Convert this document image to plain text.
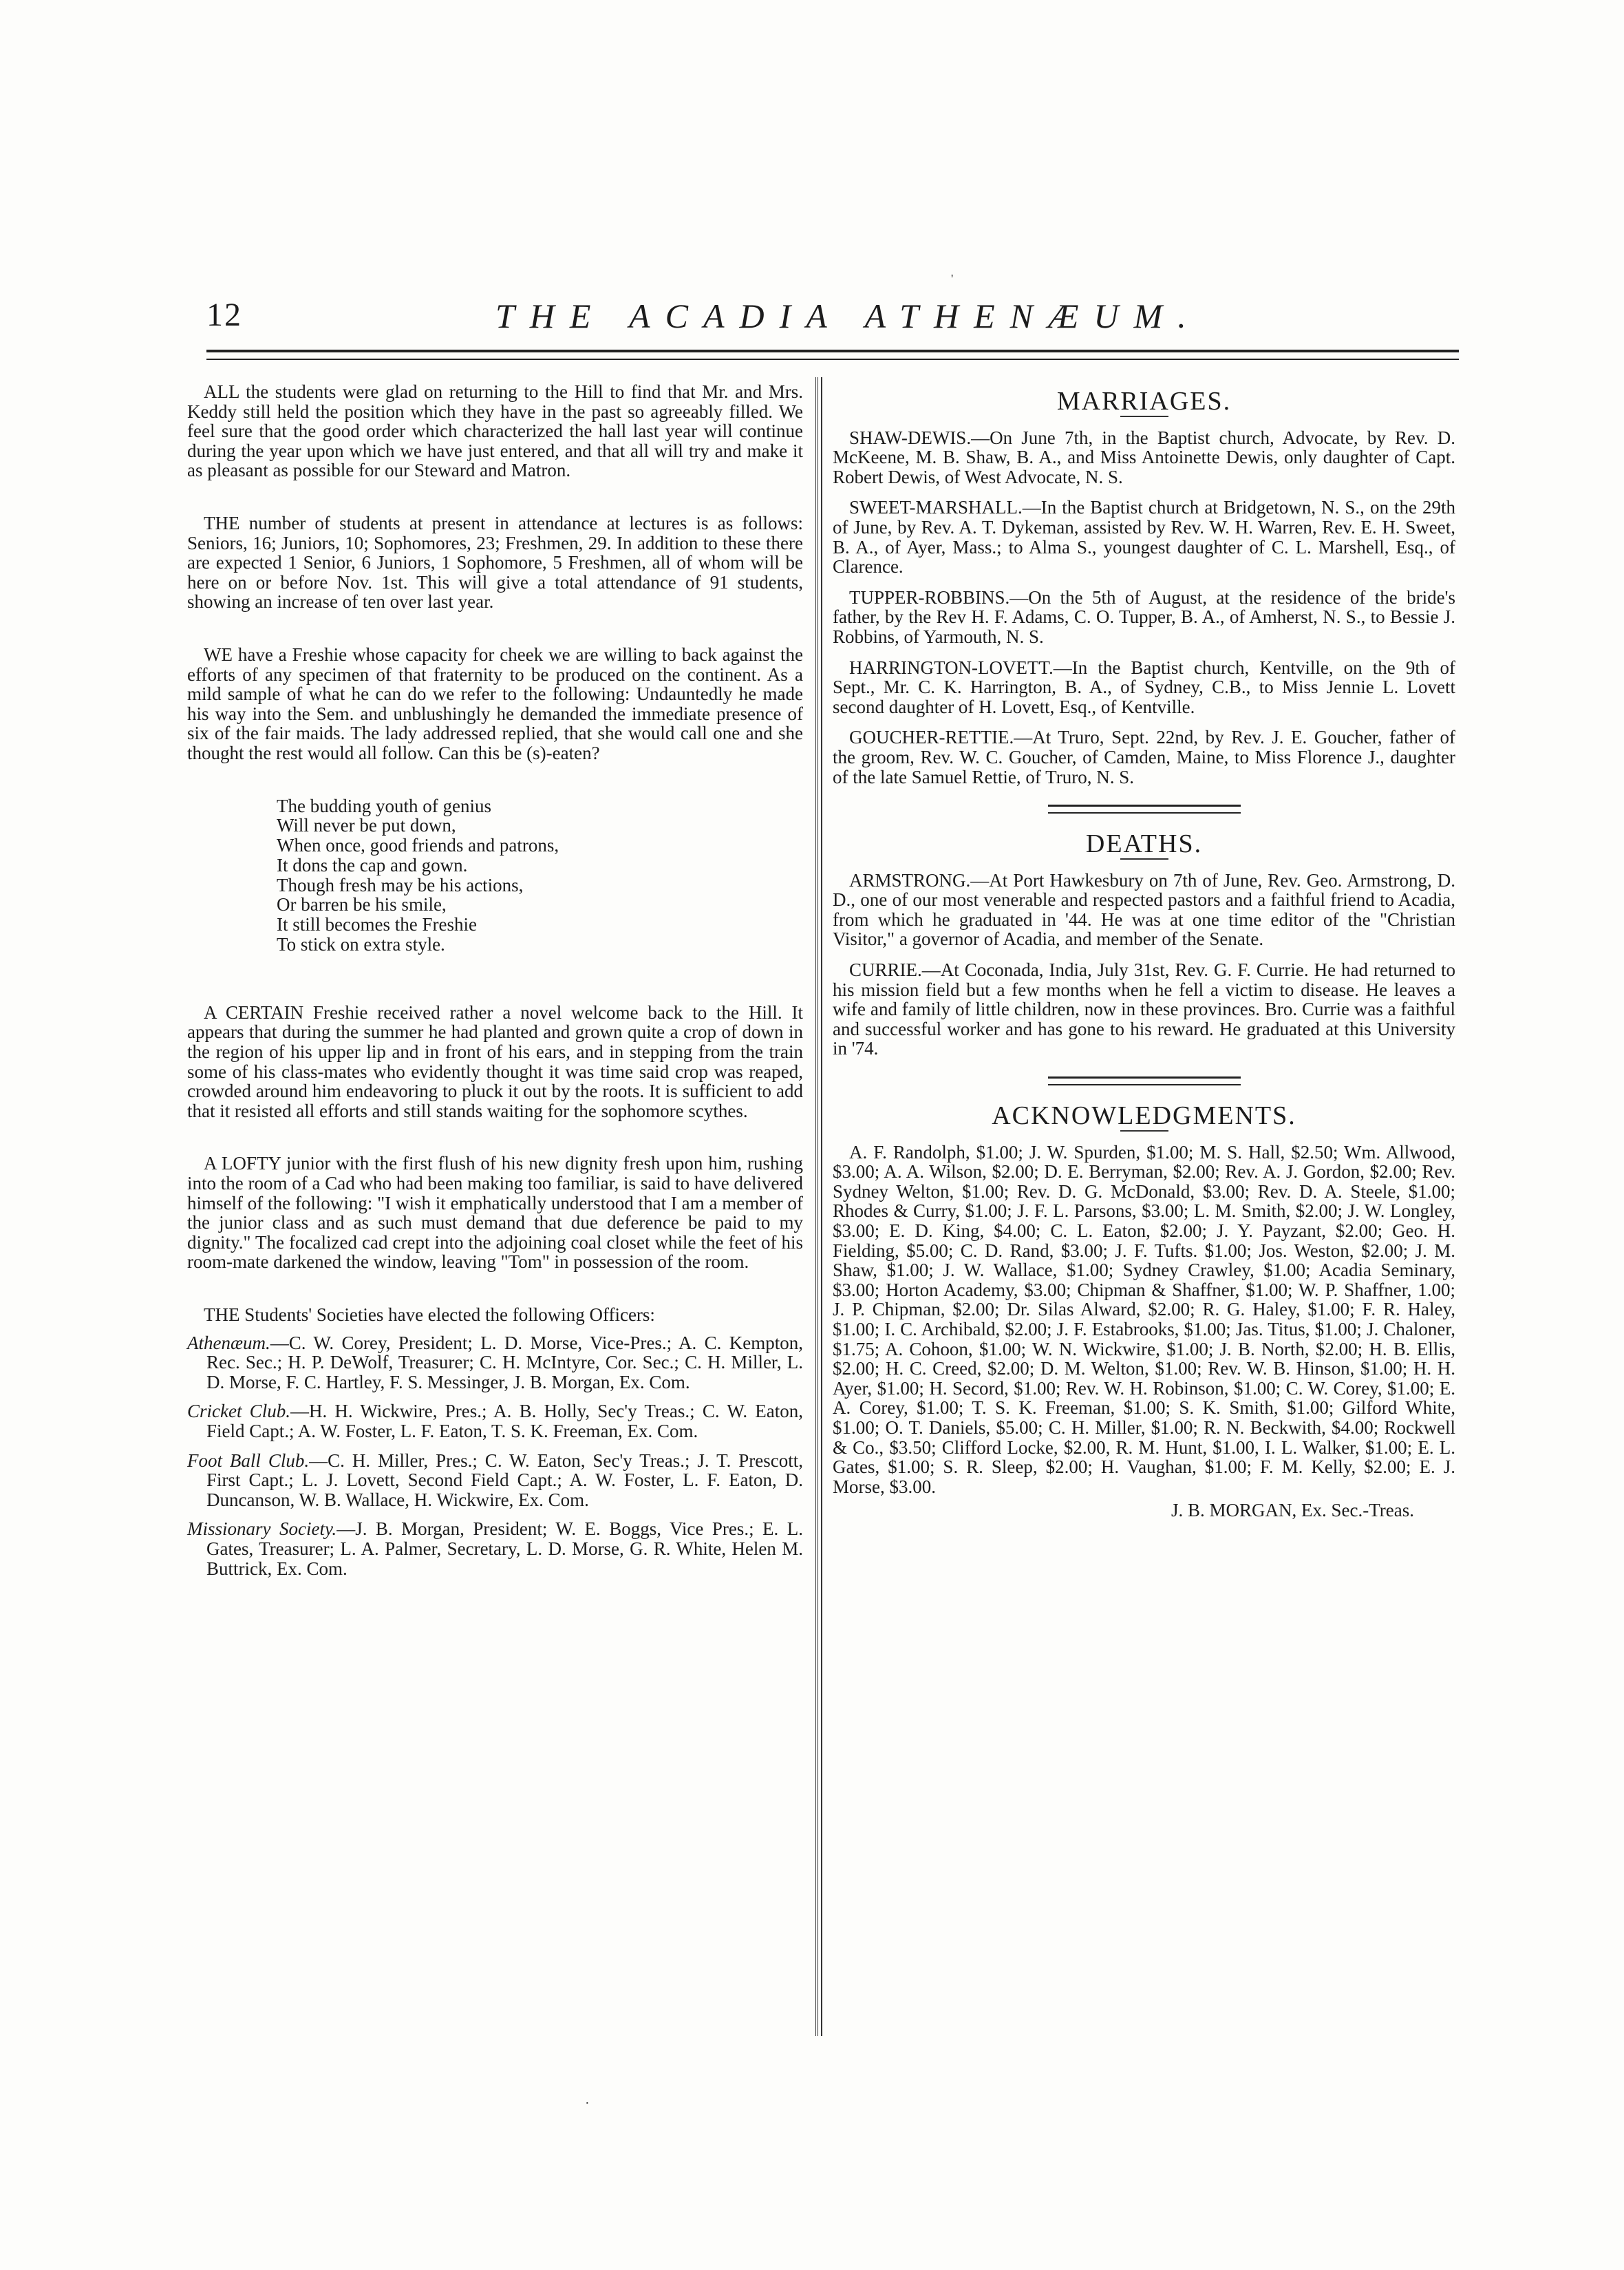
'
12	THE ACADIA ATHENÆUM.

ALL the students were glad on returning to the Hill to find that Mr. and Mrs. Keddy still held the position which they have in the past so agreeably filled. We feel sure that the good order which characterized the hall last year will continue during the year upon which we have just entered, and that all will try and make it as pleasant as possible for our Steward and Matron.

THE number of students at present in attendance at lectures is as follows: Seniors, 16; Juniors, 10; Sophomores, 23; Freshmen, 29. In addition to these there are expected 1 Senior, 6 Juniors, 1 Sophomore, 5 Freshmen, all of whom will be here on or before Nov. 1st. This will give a total attendance of 91 students, showing an increase of ten over last year.

WE have a Freshie whose capacity for cheek we are willing to back against the efforts of any specimen of that fraternity to be produced on the continent. As a mild sample of what he can do we refer to the following: Undauntedly he made his way into the Sem. and unblushingly he demanded the immediate presence of six of the fair maids. The lady addressed replied, that she would call one and she thought the rest would all follow. Can this be (s)-eaten?

The budding youth of genius
Will never be put down,
When once, good friends and patrons,
It dons the cap and gown.
Though fresh may be his actions,
Or barren be his smile,
It still becomes the Freshie
To stick on extra style.

A CERTAIN Freshie received rather a novel welcome back to the Hill. It appears that during the summer he had planted and grown quite a crop of down in the region of his upper lip and in front of his ears, and in stepping from the train some of his class-mates who evidently thought it was time said crop was reaped, crowded around him endeavoring to pluck it out by the roots. It is sufficient to add that it resisted all efforts and still stands waiting for the sophomore scythes.

A LOFTY junior with the first flush of his new dignity fresh upon him, rushing into the room of a Cad who had been making too familiar, is said to have delivered himself of the following: "I wish it emphatically understood that I am a member of the junior class and as such must demand that due deference be paid to my dignity." The focalized cad crept into the adjoining coal closet while the feet of his room-mate darkened the window, leaving "Tom" in possession of the room.

THE Students' Societies have elected the following Officers:

Athenæum.—C. W. Corey, President; L. D. Morse, Vice-Pres.; A. C. Kempton, Rec. Sec.; H. P. DeWolf, Treasurer; C. H. McIntyre, Cor. Sec.; C. H. Miller, L. D. Morse, F. C. Hartley, F. S. Messinger, J. B. Morgan, Ex. Com.

Cricket Club.—H. H. Wickwire, Pres.; A. B. Holly, Sec'y Treas.; C. W. Eaton, Field Capt.; A. W. Foster, L. F. Eaton, T. S. K. Freeman, Ex. Com.

Foot Ball Club.—C. H. Miller, Pres.; C. W. Eaton, Sec'y Treas.; J. T. Prescott, First Capt.; L. J. Lovett, Second Field Capt.; A. W. Foster, L. F. Eaton, D. Duncanson, W. B. Wallace, H. Wickwire, Ex. Com.

Missionary Society.—J. B. Morgan, President; W. E. Boggs, Vice Pres.; E. L. Gates, Treasurer; L. A. Palmer, Secretary, L. D. Morse, G. R. White, Helen M. Buttrick, Ex. Com.

MARRIAGES.

SHAW-DEWIS.—On June 7th, in the Baptist church, Advocate, by Rev. D. McKeene, M. B. Shaw, B. A., and Miss Antoinette Dewis, only daughter of Capt. Robert Dewis, of West Advocate, N. S.

SWEET-MARSHALL.—In the Baptist church at Bridgetown, N. S., on the 29th of June, by Rev. A. T. Dykeman, assisted by Rev. W. H. Warren, Rev. E. H. Sweet, B. A., of Ayer, Mass.; to Alma S., youngest daughter of C. L. Marshell, Esq., of Clarence.

TUPPER-ROBBINS.—On the 5th of August, at the residence of the bride's father, by the Rev H. F. Adams, C. O. Tupper, B. A., of Amherst, N. S., to Bessie J. Robbins, of Yarmouth, N. S.

HARRINGTON-LOVETT.—In the Baptist church, Kentville, on the 9th of Sept., Mr. C. K. Harrington, B. A., of Sydney, C.B., to Miss Jennie L. Lovett second daughter of H. Lovett, Esq., of Kentville.

GOUCHER-RETTIE.—At Truro, Sept. 22nd, by Rev. J. E. Goucher, father of the groom, Rev. W. C. Goucher, of Camden, Maine, to Miss Florence J., daughter of the late Samuel Rettie, of Truro, N. S.

DEATHS.

ARMSTRONG.—At Port Hawkesbury on 7th of June, Rev. Geo. Armstrong, D. D., one of our most venerable and respected pastors and a faithful friend to Acadia, from which he graduated in '44. He was at one time editor of the "Christian Visitor," a governor of Acadia, and member of the Senate.

CURRIE.—At Coconada, India, July 31st, Rev. G. F. Currie. He had returned to his mission field but a few months when he fell a victim to disease. He leaves a wife and family of little children, now in these provinces. Bro. Currie was a faithful and successful worker and has gone to his reward. He graduated at this University in '74.

ACKNOWLEDGMENTS.

A. F. Randolph, $1.00; J. W. Spurden, $1.00; M. S. Hall, $2.50; Wm. Allwood, $3.00; A. A. Wilson, $2.00; D. E. Berryman, $2.00; Rev. A. J. Gordon, $2.00; Rev. Sydney Welton, $1.00; Rev. D. G. McDonald, $3.00; Rev. D. A. Steele, $1.00; Rhodes & Curry, $1.00; J. F. L. Parsons, $3.00; L. M. Smith, $2.00; J. W. Longley, $3.00; E. D. King, $4.00; C. L. Eaton, $2.00; J. Y. Payzant, $2.00; Geo. H. Fielding, $5.00; C. D. Rand, $3.00; J. F. Tufts. $1.00; Jos. Weston, $2.00; J. M. Shaw, $1.00; J. W. Wallace, $1.00; Sydney Crawley, $1.00; Acadia Seminary, $3.00; Horton Academy, $3.00; Chipman & Shaffner, $1.00; W. P. Shaffner, 1.00; J. P. Chipman, $2.00; Dr. Silas Alward, $2.00; R. G. Haley, $1.00; F. R. Haley, $1.00; I. C. Archibald, $2.00; J. F. Estabrooks, $1.00; Jas. Titus, $1.00; J. Chaloner, $1.75; A. Cohoon, $1.00; W. N. Wickwire, $1.00; J. B. North, $2.00; H. B. Ellis, $2.00; H. C. Creed, $2.00; D. M. Welton, $1.00; Rev. W. B. Hinson, $1.00; H. H. Ayer, $1.00; H. Secord, $1.00; Rev. W. H. Robinson, $1.00; C. W. Corey, $1.00; E. A. Corey, $1.00; T. S. K. Freeman, $1.00; S. K. Smith, $1.00; Gilford White, $1.00; O. T. Daniels, $5.00; C. H. Miller, $1.00; R. N. Beckwith, $4.00; Rockwell & Co., $3.50; Clifford Locke, $2.00, R. M. Hunt, $1.00, I. L. Walker, $1.00; E. L. Gates, $1.00; S. R. Sleep, $2.00; H. Vaughan, $1.00; F. M. Kelly, $2.00; E. J. Morse, $3.00.

J. B. MORGAN, Ex. Sec.-Treas.
·
